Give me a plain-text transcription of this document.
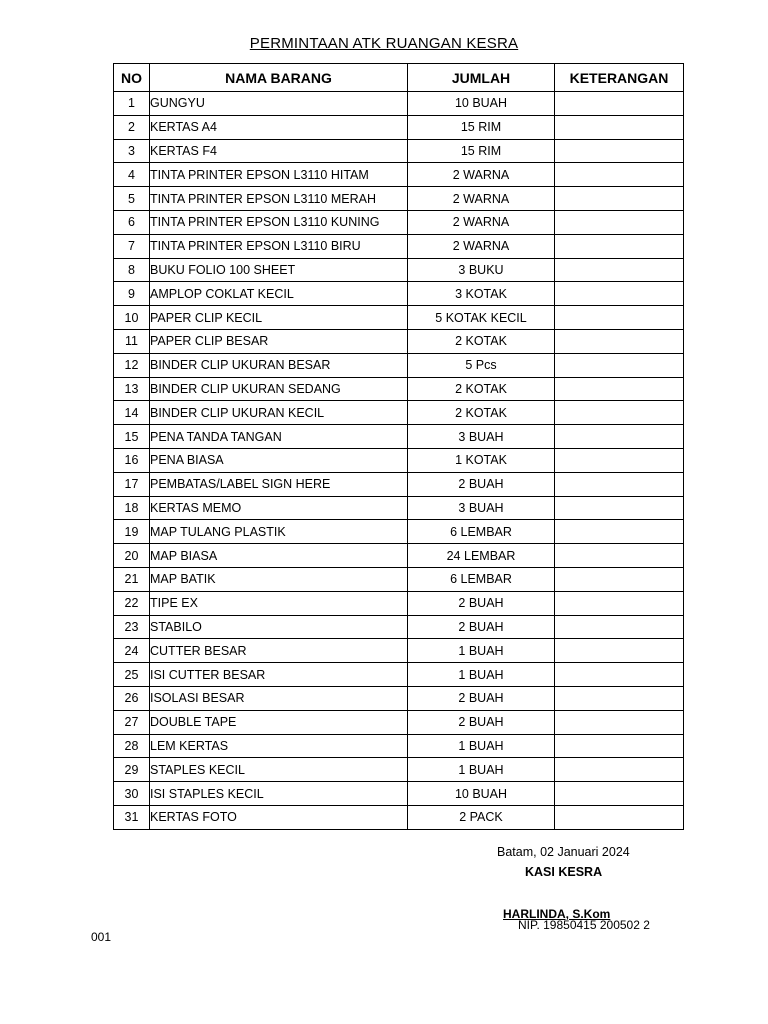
PERMINTAAN ATK RUANGAN KESRA
NO	NAMA BARANG	JUMLAH	KETERANGAN
1	GUNGYU	10 BUAH	
2	KERTAS A4	15 RIM	
3	KERTAS F4	15 RIM	
4	TINTA PRINTER EPSON L3110 HITAM	2 WARNA	
5	TINTA PRINTER EPSON L3110 MERAH	2 WARNA	
6	TINTA PRINTER EPSON L3110 KUNING	2 WARNA	
7	TINTA PRINTER EPSON L3110 BIRU	2 WARNA	
8	BUKU FOLIO 100 SHEET	3 BUKU	
9	AMPLOP COKLAT KECIL	3 KOTAK	
10	PAPER CLIP KECIL	5 KOTAK KECIL	
11	PAPER CLIP BESAR	2 KOTAK	
12	BINDER CLIP UKURAN BESAR	5 Pcs	
13	BINDER CLIP UKURAN SEDANG	2 KOTAK	
14	BINDER CLIP UKURAN KECIL	2 KOTAK	
15	PENA TANDA TANGAN	3 BUAH	
16	PENA BIASA	1 KOTAK	
17	PEMBATAS/LABEL SIGN HERE	2 BUAH	
18	KERTAS MEMO	3 BUAH	
19	MAP TULANG PLASTIK	6 LEMBAR	
20	MAP BIASA	24 LEMBAR	
21	MAP BATIK	6 LEMBAR	
22	TIPE EX	2 BUAH	
23	STABILO	2 BUAH	
24	CUTTER BESAR	1 BUAH	
25	ISI CUTTER BESAR	1 BUAH	
26	ISOLASI BESAR	2 BUAH	
27	DOUBLE TAPE	2 BUAH	
28	LEM KERTAS	1 BUAH	
29	STAPLES KECIL	1 BUAH	
30	ISI STAPLES KECIL	10 BUAH	
31	KERTAS FOTO	2 PACK	
Batam, 02 Januari 2024
KASI KESRA
HARLINDA, S.Kom
NIP. 19850415 200502 2
001
